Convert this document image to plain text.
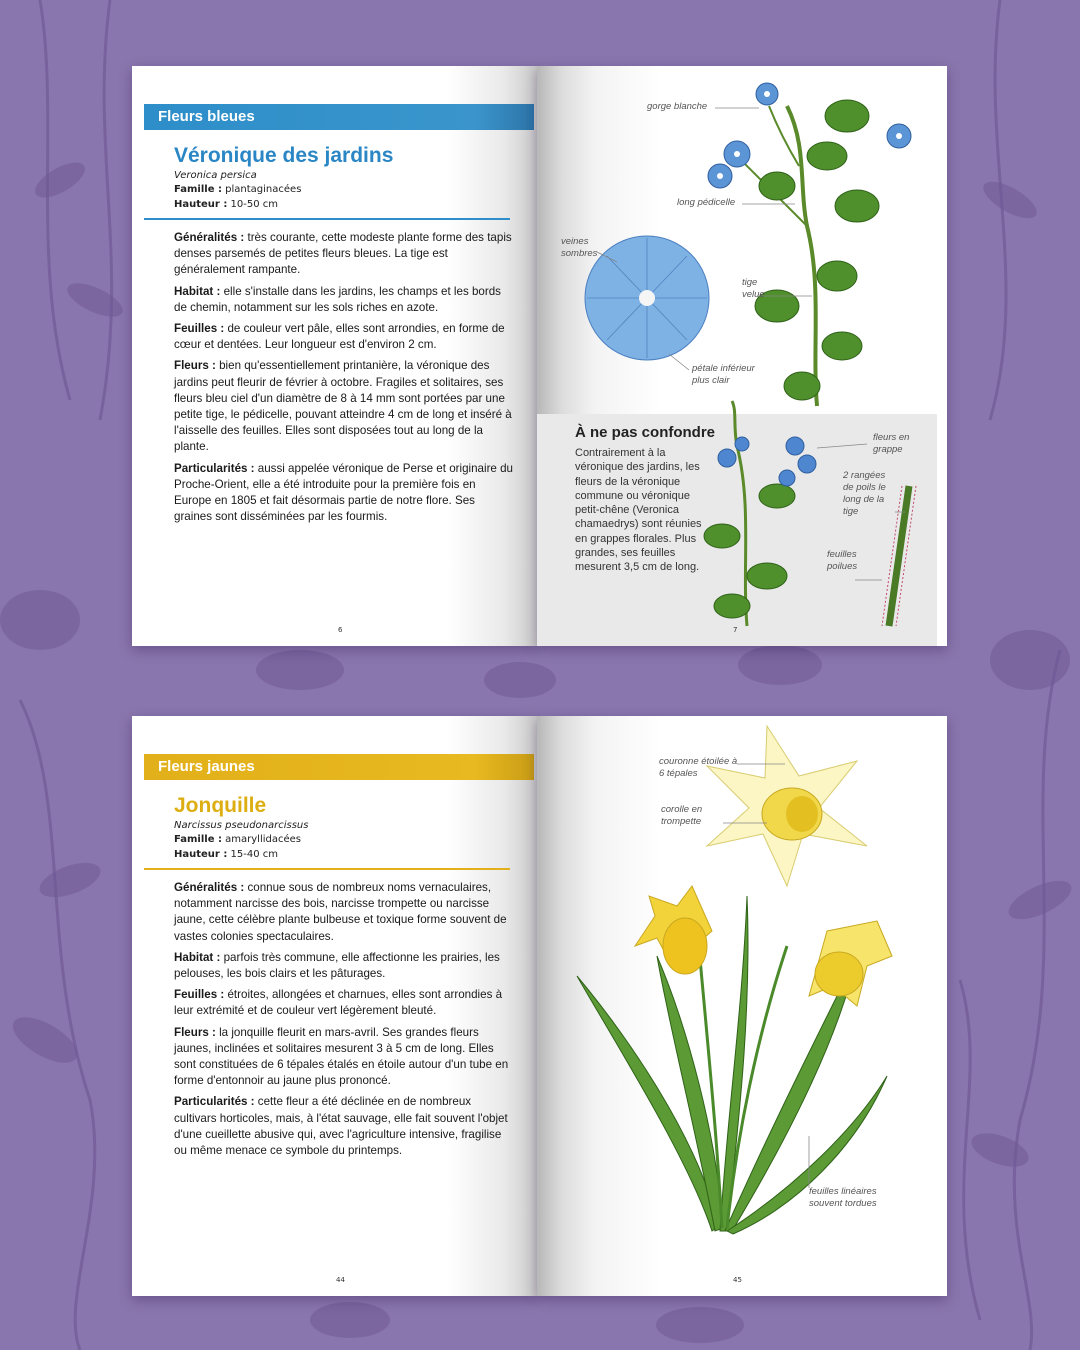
Fleurs bleues
Véronique des jardins
Veronica persica
Famille : plantaginacées
Hauteur : 10-50 cm

Généralités : très courante, cette modeste plante forme des tapis denses parsemés de petites fleurs bleues. La tige est généralement rampante.

Habitat : elle s'installe dans les jardins, les champs et les bords de chemin, notamment sur les sols riches en azote.

Feuilles : de couleur vert pâle, elles sont arrondies, en forme de cœur et dentées. Leur longueur est d'environ 2 cm.

Fleurs : bien qu'essentiellement printanière, la véronique des jardins peut fleurir de février à octobre. Fragiles et solitaires, ses fleurs bleu ciel d'un diamètre de 8 à 14 mm sont portées par une petite tige, le pédicelle, pouvant atteindre 4 cm de long et inséré à l'aisselle des feuilles. Elles sont disposées tout au long de la plante.

Particularités : aussi appelée véronique de Perse et originaire du Proche-Orient, elle a été introduite pour la première fois en Europe en 1805 et fait désormais partie de notre flore. Ses graines sont disséminées par les fourmis.

6
gorge blanche
long pédicelle
veines sombres
tige velue
pétale inférieur plus clair
fleurs en grappe
2 rangées de poils le long de la tige
feuilles poilues
À ne pas confondre
Contrairement à la véronique des jardins, les fleurs de la véronique commune ou véronique petit-chêne (Veronica chamaedrys) sont réunies en grappes florales. Plus grandes, ses feuilles mesurent 3,5 cm de long.
7
Fleurs jaunes
Jonquille
Narcissus pseudonarcissus
Famille : amaryllidacées
Hauteur : 15-40 cm

Généralités : connue sous de nombreux noms vernaculaires, notamment narcisse des bois, narcisse trompette ou narcisse jaune, cette célèbre plante bulbeuse et toxique forme souvent de vastes colonies spectaculaires.

Habitat : parfois très commune, elle affectionne les prairies, les pelouses, les bois clairs et les pâturages.

Feuilles : étroites, allongées et charnues, elles sont arrondies à leur extrémité et de couleur vert légèrement bleuté.

Fleurs : la jonquille fleurit en mars-avril. Ses grandes fleurs jaunes, inclinées et solitaires mesurent 3 à 5 cm de long. Elles sont constituées de 6 tépales étalés en étoile autour d'un tube en forme d'entonnoir au jaune plus prononcé.

Particularités : cette fleur a été déclinée en de nombreux cultivars horticoles, mais, à l'état sauvage, elle fait souvent l'objet d'une cueillette abusive qui, avec l'agriculture intensive, fragilise ou même menace ce symbole du printemps.

44
couronne étoilée à 6 tépales
corolle en trompette
feuilles linéaires souvent tordues
45
